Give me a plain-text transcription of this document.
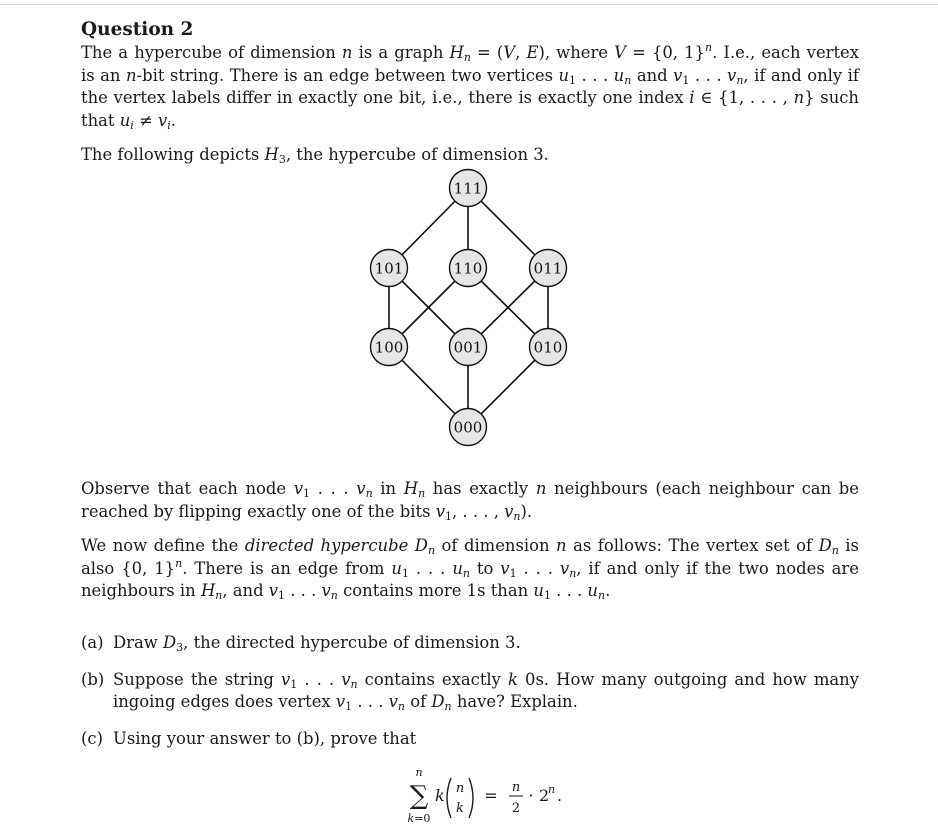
Question 2

The a hypercube of dimension n is a graph $H_n = (V$, E), where V = {0, 1}$^n$. I.e., each vertex is an n-bit string. There is an edge between two vertices $u_1$ . . . $u_n$ and $v_1$ . . . $v_n$, if and only if the vertex labels differ in exactly one bit, i.e., there is exactly one index i ∈ {1, . . . , n} such that $u_i \ne v_i$.

The following depicts $H_3$, the hypercube of dimension 3.

111
101	110	011
100	001	010
000

Observe that each node $v_1$ . . . $v_n$ in $H_n$ has exactly n neighbours (each neighbour can be reached by flipping exactly one of the bits $v_1$, . . . , $v_n$).

We now define the directed hypercube $D_n$ of dimension n as follows: The vertex set of $D_n$ is also {0, 1}$^n$. There is an edge from $u_1$ . . . $u_n$ to $v_1$ . . . $v_n$, if and only if the two nodes are neighbours in $H_n$, and $v_1$ . . . $v_n$ contains more 1s than $u_1$ . . . $u_n$.

(a) Draw $D_3$, the directed hypercube of dimension 3.
(b) Suppose the string $v_1$ . . . $v_n$ contains exactly k 0s. How many outgoing and how many ingoing edges does vertex $v_1$ . . . $v_n$ of $D_n$ have? Explain.
(c) Using your answer to (b), prove that
n
∑
k=0
k n
k
= n
2
· 2
n .
